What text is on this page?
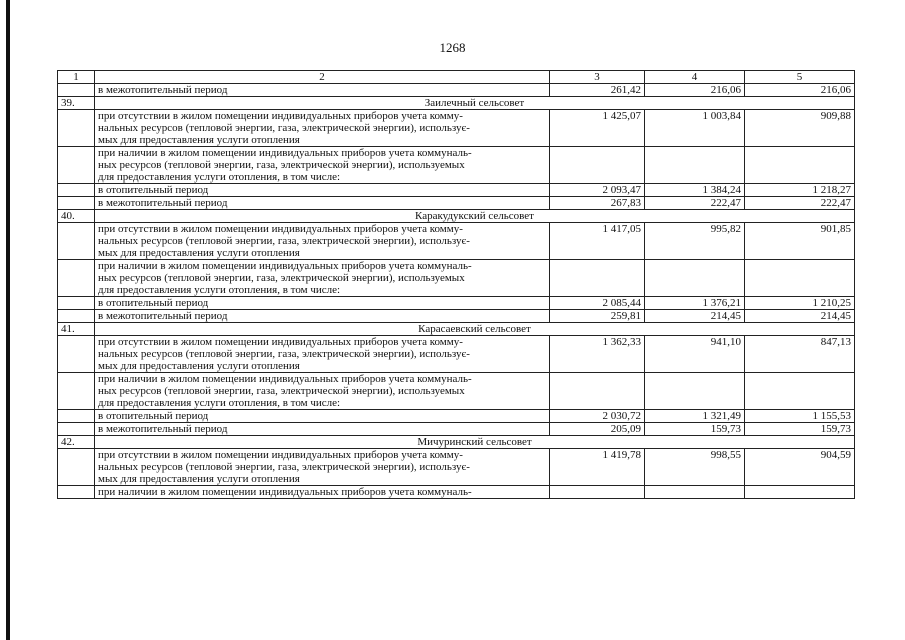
1268
1	2	3	4	5
	в межотопительный период	261,42	216,06	216,06
39.	Заилечный сельсовет			

	при отсутствии в жилом помещении индивидуальных приборов учета комму-
нальных ресурсов (тепловой энергии, газа, электрической энергии), использує-
мых для предоставления услуги отопления	1 425,07	1 003,84	909,88

	при наличии в жилом помещении индивидуальных приборов учета коммуналь-
ных ресурсов (тепловой энергии, газа, электрической энергии), используемых
для предоставления услуги отопления, в том числе:			

	в отопительный период	2 093,47	1 384,24	1 218,27
	в межотопительный период	267,83	222,47	222,47
40.	Каракудукский сельсовет			

	при отсутствии в жилом помещении индивидуальных приборов учета комму-
нальных ресурсов (тепловой энергии, газа, электрической энергии), использує-
мых для предоставления услуги отопления	1 417,05	995,82	901,85

	при наличии в жилом помещении индивидуальных приборов учета коммуналь-
ных ресурсов (тепловой энергии, газа, электрической энергии), используемых
для предоставления услуги отопления, в том числе:			

	в отопительный период	2 085,44	1 376,21	1 210,25
	в межотопительный период	259,81	214,45	214,45
41.	Карасаевский сельсовет			

	при отсутствии в жилом помещении индивидуальных приборов учета комму-
нальных ресурсов (тепловой энергии, газа, электрической энергии), использує-
мых для предоставления услуги отопления	1 362,33	941,10	847,13

	при наличии в жилом помещении индивидуальных приборов учета коммуналь-
ных ресурсов (тепловой энергии, газа, электрической энергии), используемых
для предоставления услуги отопления, в том числе:			

	в отопительный период	2 030,72	1 321,49	1 155,53
	в межотопительный период	205,09	159,73	159,73
42.	Мичуринский сельсовет			

	при отсутствии в жилом помещении индивидуальных приборов учета комму-
нальных ресурсов (тепловой энергии, газа, электрической энергии), использує-
мых для предоставления услуги отопления	1 419,78	998,55	904,59

	при наличии в жилом помещении индивидуальных приборов учета коммуналь-			
